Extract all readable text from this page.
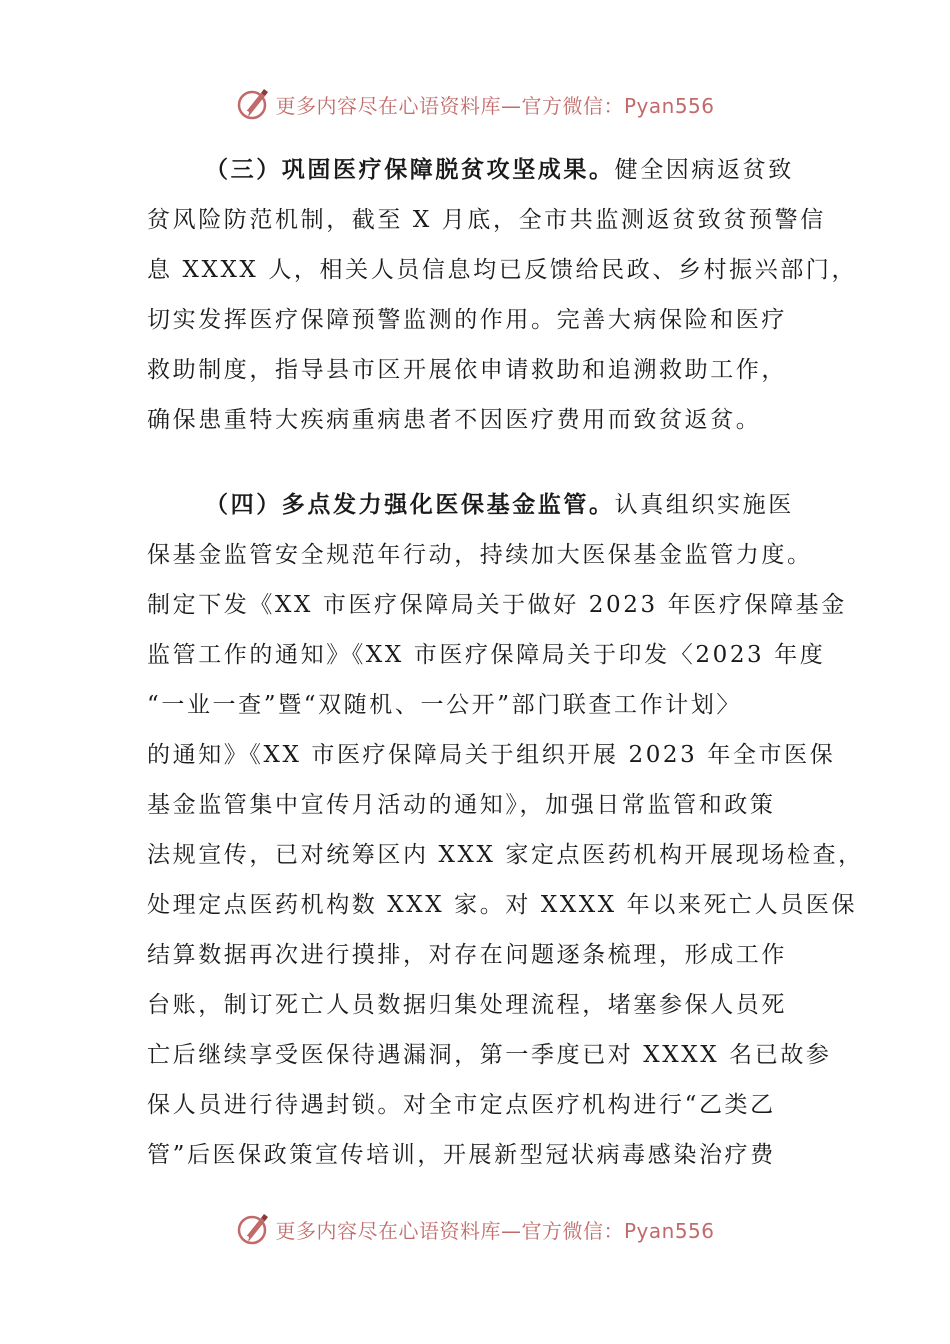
更多内容尽在心语资料库—官方微信：Pyan556
（三）巩固医疗保障脱贫攻坚成果。健全因病返贫致
贫风险防范机制，截至 X 月底，全市共监测返贫致贫预警信
息 XXXX 人，相关人员信息均已反馈给民政、乡村振兴部门，
切实发挥医疗保障预警监测的作用。完善大病保险和医疗
救助制度，指导县市区开展依申请救助和追溯救助工作，
确保患重特大疾病重病患者不因医疗费用而致贫返贫。
（四）多点发力强化医保基金监管。认真组织实施医
保基金监管安全规范年行动，持续加大医保基金监管力度。
制定下发《XX 市医疗保障局关于做好 2023 年医疗保障基金
监管工作的通知》《XX 市医疗保障局关于印发〈2023 年度
“一业一查”暨“双随机、一公开”部门联查工作计划〉
的通知》《XX 市医疗保障局关于组织开展 2023 年全市医保
基金监管集中宣传月活动的通知》，加强日常监管和政策
法规宣传，已对统筹区内 XXX 家定点医药机构开展现场检查，
处理定点医药机构数 XXX 家。对 XXXX 年以来死亡人员医保
结算数据再次进行摸排，对存在问题逐条梳理，形成工作
台账，制订死亡人员数据归集处理流程，堵塞参保人员死
亡后继续享受医保待遇漏洞，第一季度已对 XXXX 名已故参
保人员进行待遇封锁。对全市定点医疗机构进行“乙类乙
管”后医保政策宣传培训，开展新型冠状病毒感染治疗费
更多内容尽在心语资料库—官方微信：Pyan556
